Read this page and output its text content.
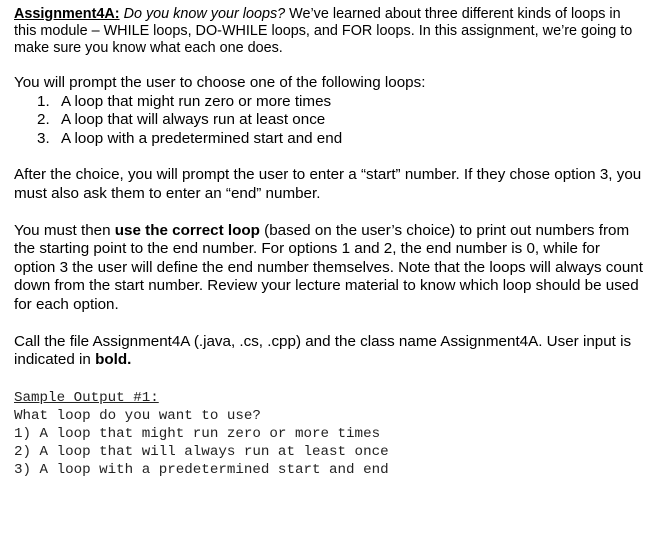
Assignment4A: Do you know your loops? We’ve learned about three different kinds of loops in this module – WHILE loops, DO-WHILE loops, and FOR loops. In this assignment, we’re going to make sure you know what each one does.

You will prompt the user to choose one of the following loops:

1. A loop that might run zero or more times
2. A loop that will always run at least once
3. A loop with a predetermined start and end

After the choice, you will prompt the user to enter a “start” number. If they chose option 3, you must also ask them to enter an “end” number.

You must then use the correct loop (based on the user’s choice) to print out numbers from the starting point to the end number. For options 1 and 2, the end number is 0, while for option 3 the user will define the end number themselves. Note that the loops will always count down from the start number. Review your lecture material to know which loop should be used for each option.

Call the file Assignment4A (.java, .cs, .cpp) and the class name Assignment4A. User input is indicated in bold.

Sample Output #1:
What loop do you want to use?
1) A loop that might run zero or more times
2) A loop that will always run at least once
3) A loop with a predetermined start and end
